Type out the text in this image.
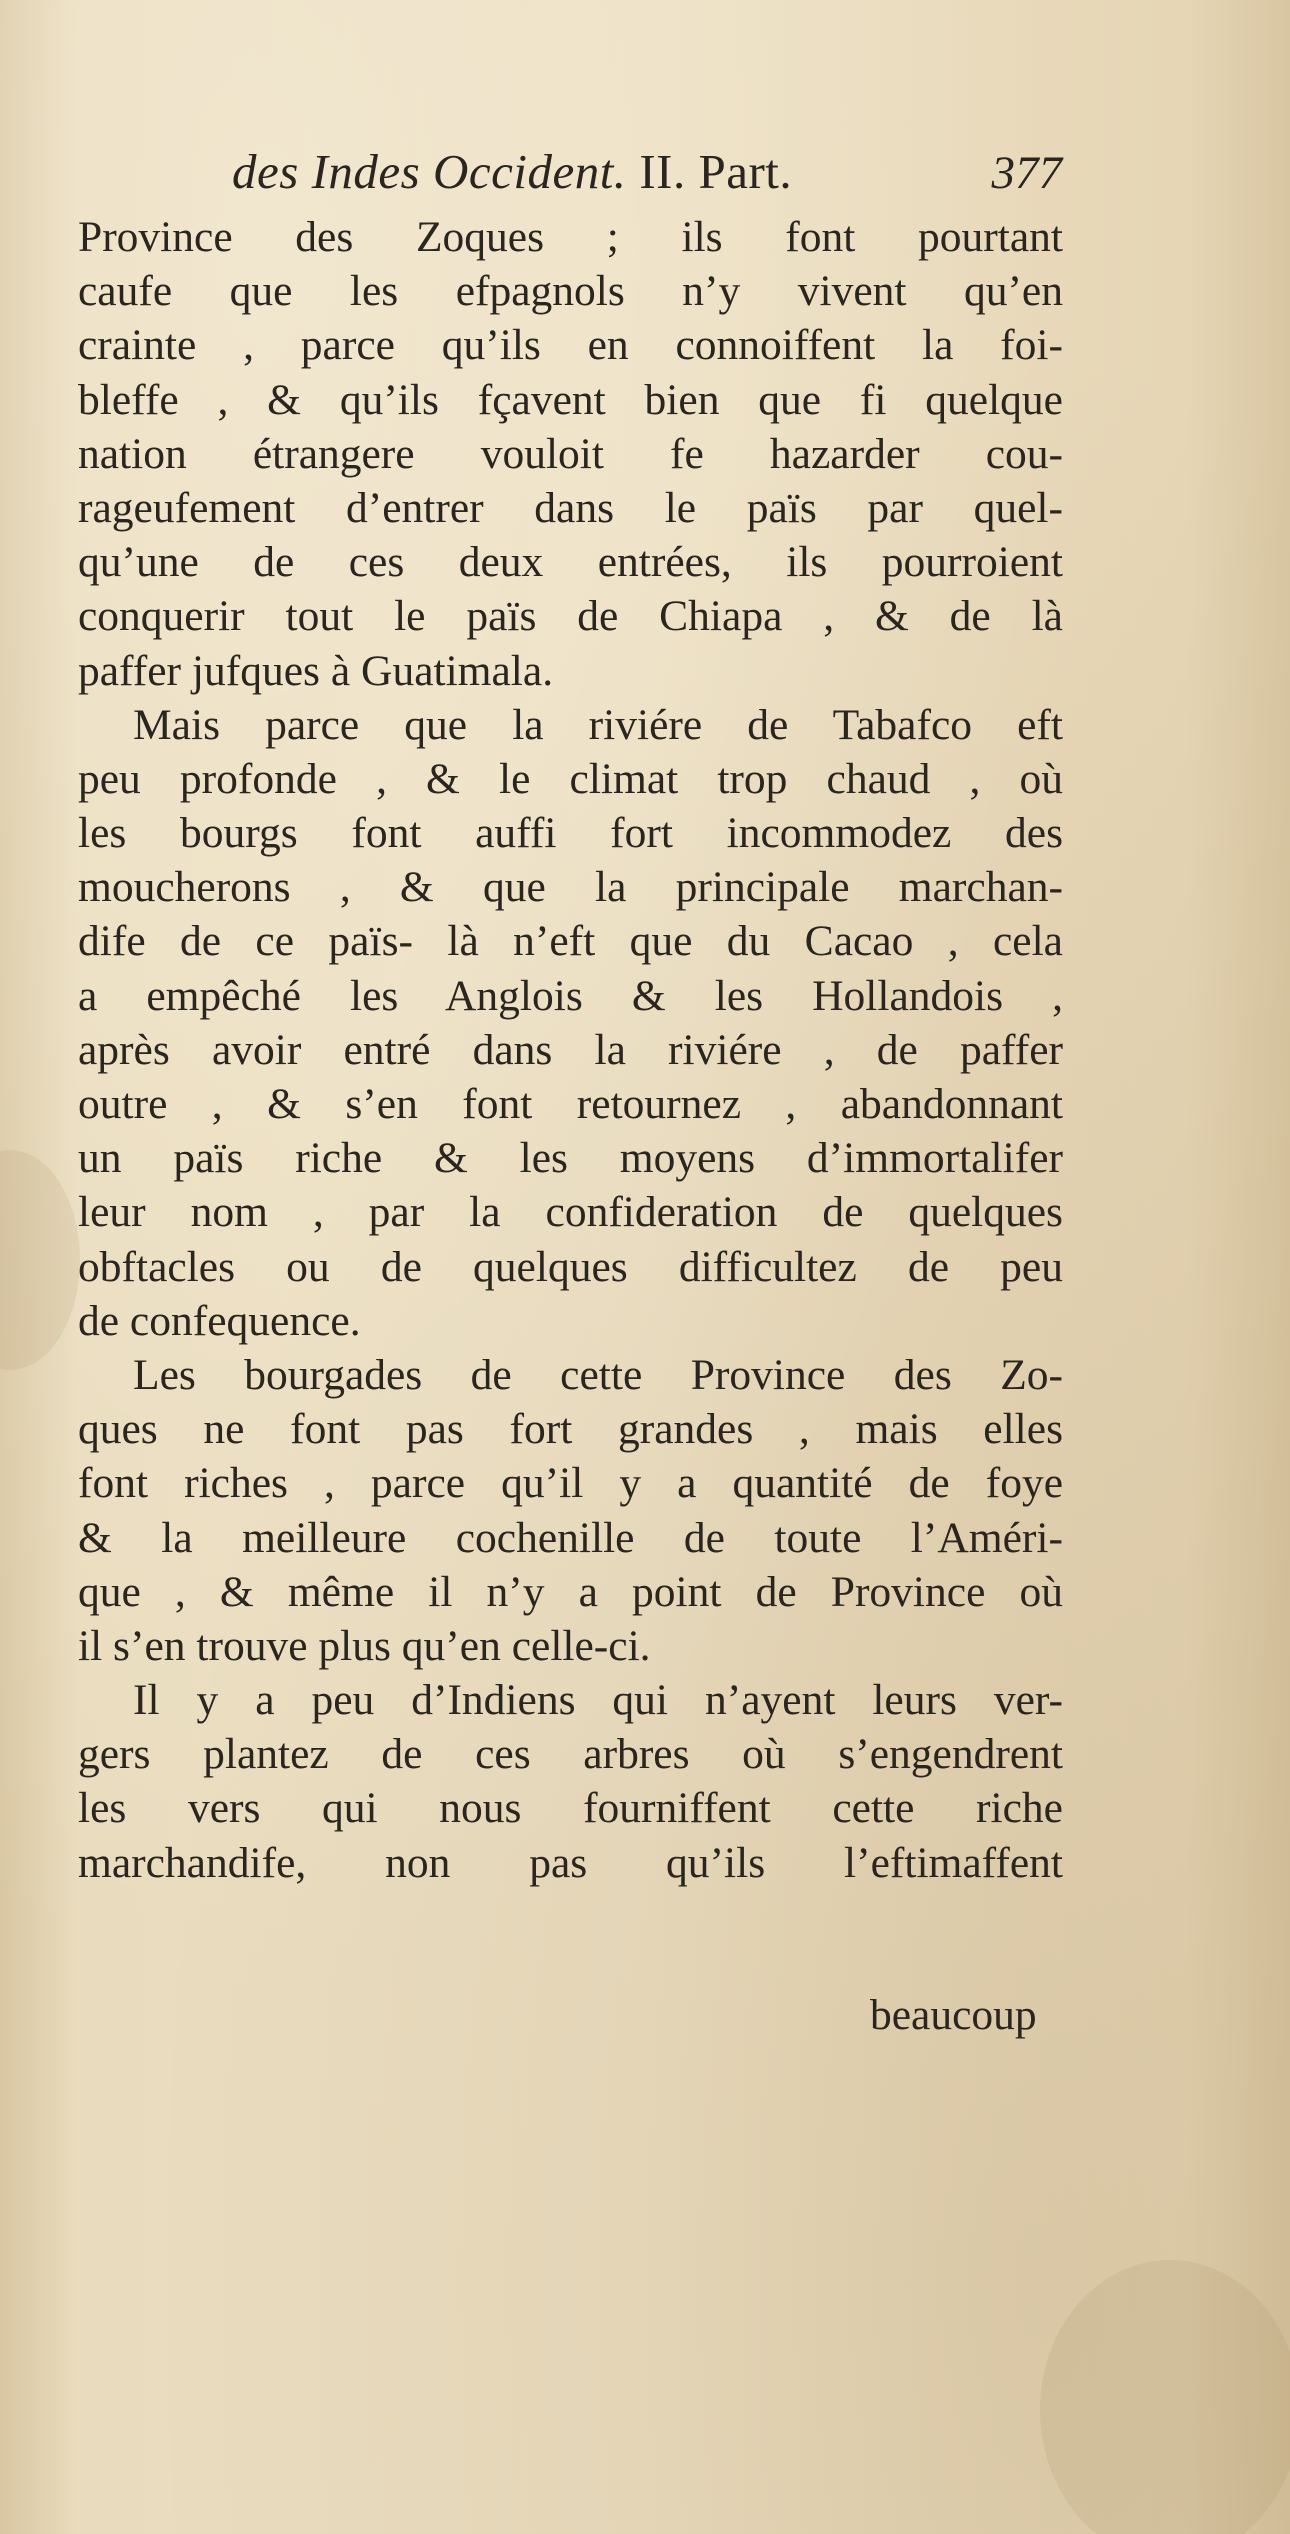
des Indes Occident. II. Part.	377
Province des Zoques ; ils font pourtant
caufe que les efpagnols n’y vivent qu’en
crainte , parce qu’ils en connoiffent la foi-
bleffe , & qu’ils fçavent bien que fi quelque
nation étrangere vouloit fe hazarder cou-
rageufement d’entrer dans le païs par quel-
qu’une de ces deux entrées, ils pourroient
conquerir tout le païs de Chiapa , & de là
paffer jufques à Guatimala.
Mais parce que la riviére de Tabafco eft
peu profonde , & le climat trop chaud , où
les bourgs font auffi fort incommodez des
moucherons , & que la principale marchan-
dife de ce païs- là n’eft que du Cacao , cela
a empêché les Anglois & les Hollandois ,
après avoir entré dans la riviére , de paffer
outre , & s’en font retournez , abandonnant
un païs riche & les moyens d’immortalifer
leur nom , par la confideration de quelques
obftacles ou de quelques difficultez de peu
de confequence.
Les bourgades de cette Province des Zo-
ques ne font pas fort grandes , mais elles
font riches , parce qu’il y a quantité de foye
& la meilleure cochenille de toute l’Améri-
que , & même il n’y a point de Province où
il s’en trouve plus qu’en celle-ci.
Il y a peu d’Indiens qui n’ayent leurs ver-
gers plantez de ces arbres où s’engendrent
les vers qui nous fourniffent cette riche
marchandife, non pas qu’ils l’eftimaffent
beaucoup
